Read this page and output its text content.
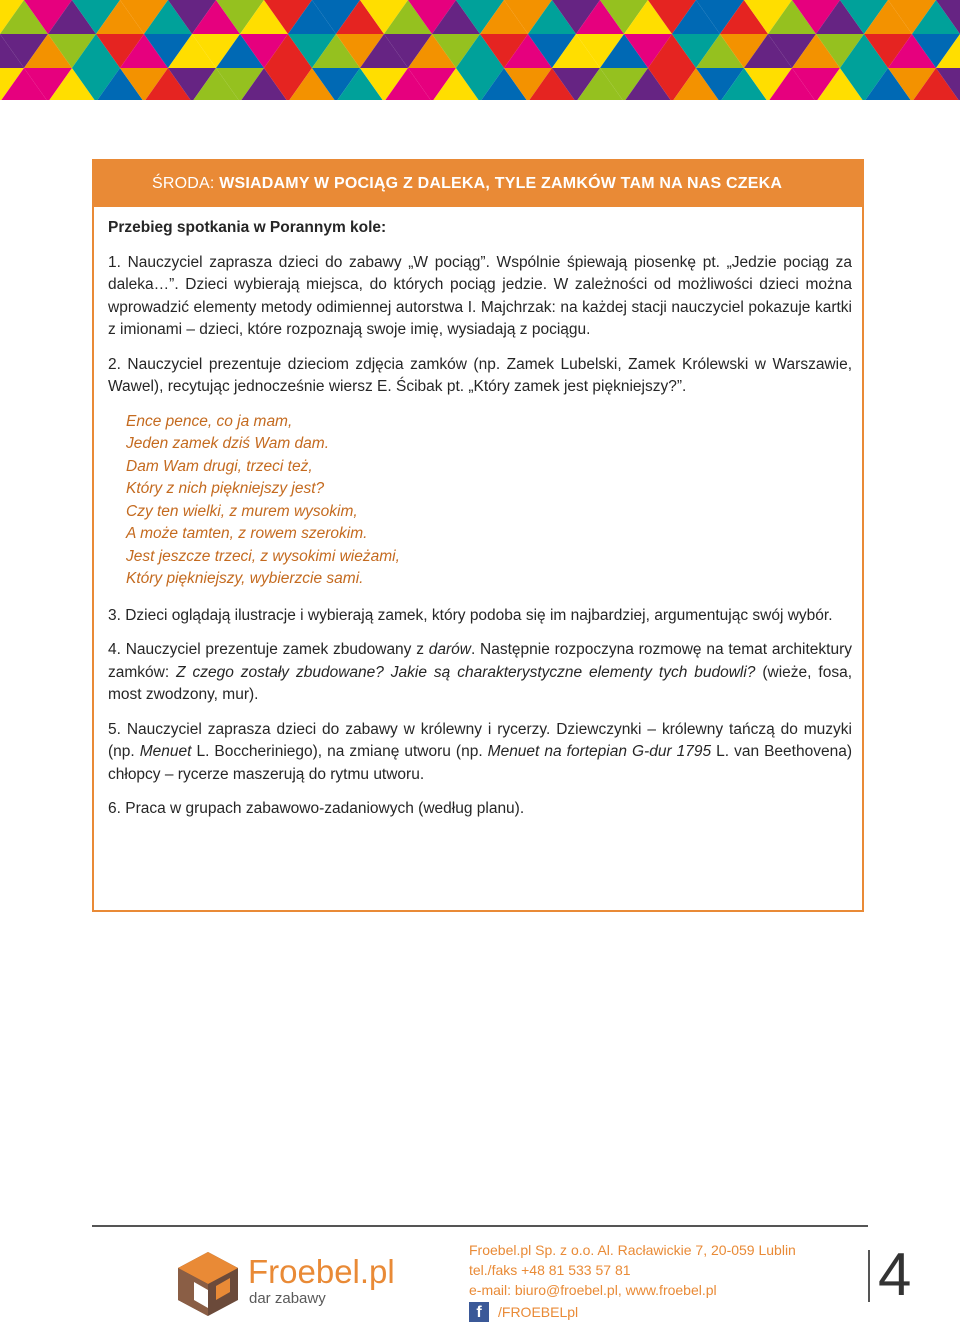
ŚRODA: WSIADAMY W POCIĄG Z DALEKA, TYLE ZAMKÓW TAM NA NAS CZEKA

Przebieg spotkania w Porannym kole:

1. Nauczyciel zaprasza dzieci do zabawy „W pociąg”. Wspólnie śpiewają piosenkę pt. „Jedzie pociąg za daleka…”. Dzieci wybierają miejsca, do których pociąg jedzie. W zależności od możliwości dzieci można wprowadzić elementy metody odimiennej autorstwa I. Majchrzak: na każdej stacji nauczyciel pokazuje kartki z imionami – dzieci, które rozpoznają swoje imię, wysiadają z pociągu.

2. Nauczyciel prezentuje dzieciom zdjęcia zamków (np. Zamek Lubelski, Zamek Królewski w Warszawie, Wawel), recytując jednocześnie wiersz E. Ścibak pt. „Który zamek jest piękniejszy?”.

Ence pence, co ja mam,
Jeden zamek dziś Wam dam.
Dam Wam drugi, trzeci też,
Który z nich piękniejszy jest?
Czy ten wielki, z murem wysokim,
A może tamten, z rowem szerokim.
Jest jeszcze trzeci, z wysokimi wieżami,
Który piękniejszy, wybierzcie sami.

3. Dzieci oglądają ilustracje i wybierają zamek, który podoba się im najbardziej, argumentując swój wybór.

4. Nauczyciel prezentuje zamek zbudowany z darów. Następnie rozpoczyna rozmowę na temat architektury zamków: Z czego zostały zbudowane? Jakie są charakterystyczne elementy tych budowli? (wieże, fosa, most zwodzony, mur).

5. Nauczyciel zaprasza dzieci do zabawy w królewny i rycerzy. Dziewczynki – królewny tańczą do muzyki (np. Menuet L. Boccheriniego), na zmianę utworu (np. Menuet na fortepian G-dur 1795 L. van Beethovena) chłopcy – rycerze maszerują do rytmu utworu.

6. Praca w grupach zabawowo-zadaniowych (według planu).

Froebel.pl
dar zabawy
Froebel.pl Sp. z o.o. Al. Racławickie 7, 20-059 Lublin
tel./faks +48 81 533 57 81
e-mail: biuro@froebel.pl, www.froebel.pl
f	/FROEBELpl
4
